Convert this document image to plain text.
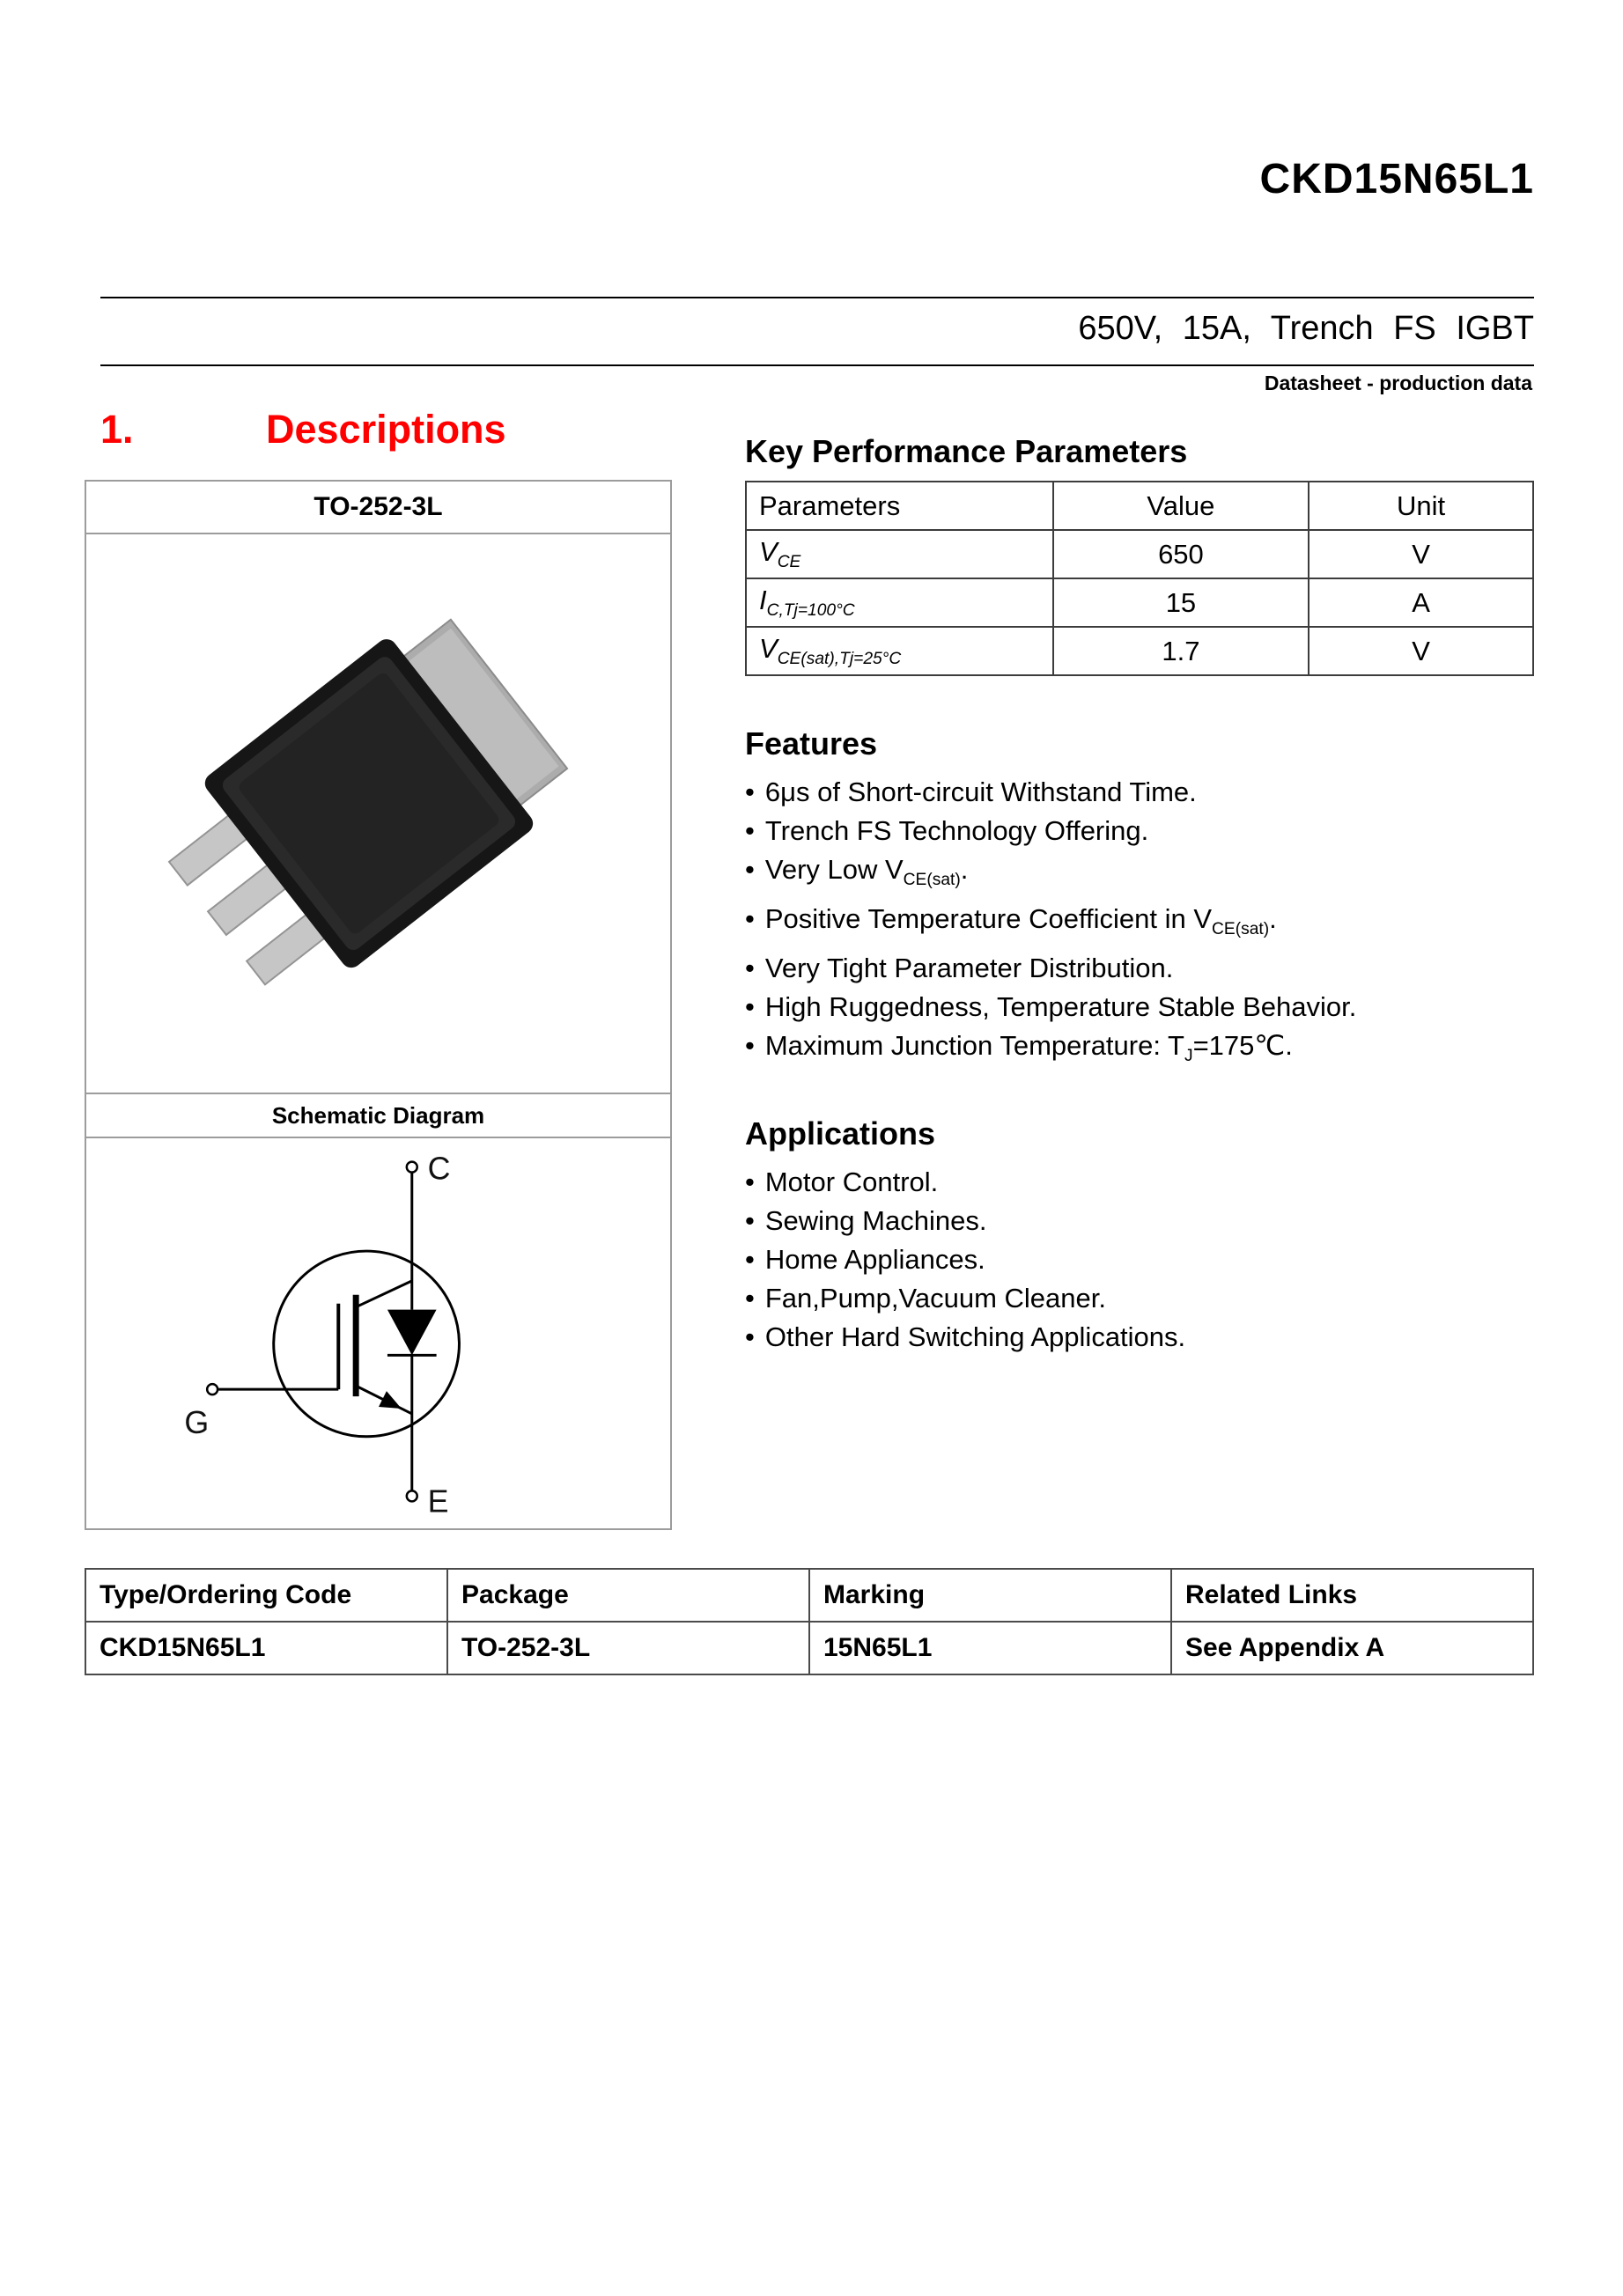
CKD15N65L1
650V, 15A, Trench FS IGBT
Datasheet - production data
1.	Descriptions
TO-252-3L
Schematic Diagram
C
E
G
Key Performance Parameters
Parameters	Value	Unit
$V_{CE}$	650	V
$I_{C,Tj=100^\circ C}$	15	A
$V_{CE(sat),Tj=25^\circ C}$	1.7	V
Features
• 6μs of Short-circuit Withstand Time.
• Trench FS Technology Offering.
• Very Low $V_{CE(sat)}$.
• Positive Temperature Coefficient in $V_{CE(sat)}$.
• Very Tight Parameter Distribution.
• High Ruggedness, Temperature Stable Behavior.
• Maximum Junction Temperature: $T_J=175℃$.
Applications
• Motor Control.
• Sewing Machines.
• Home Appliances.
• Fan,Pump,Vacuum Cleaner.
• Other Hard Switching Applications.
Type/Ordering Code	Package	Marking	Related Links
CKD15N65L1	TO-252-3L	15N65L1	See Appendix A
